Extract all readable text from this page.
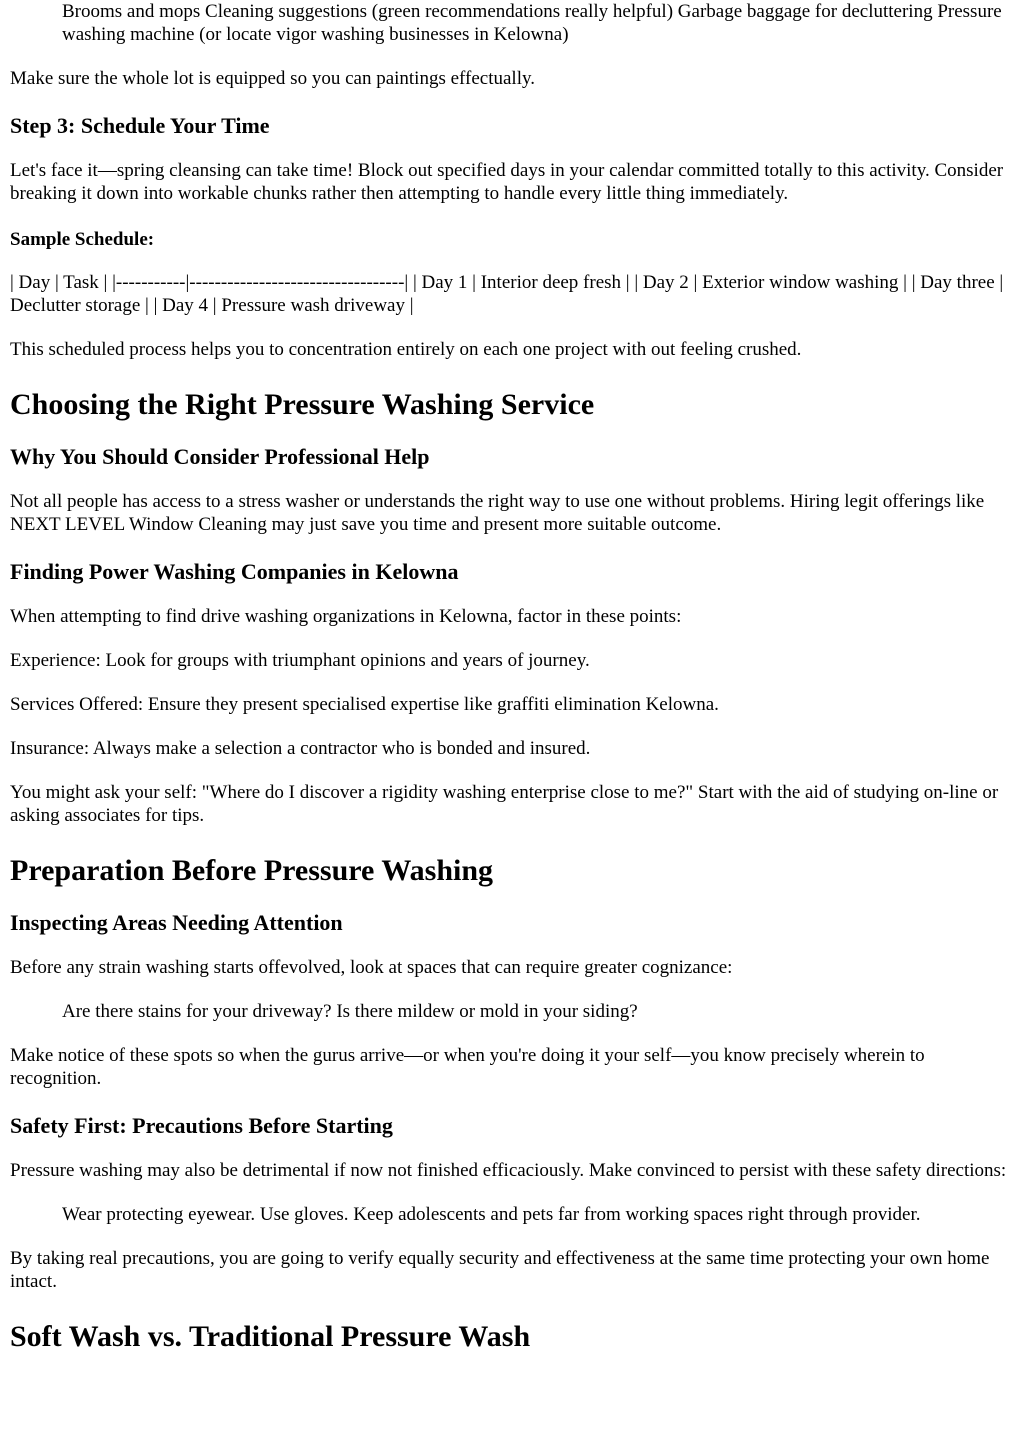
Brooms and mops Cleaning suggestions (green recommendations really helpful) Garbage baggage for decluttering Pressure washing machine (or locate vigor washing businesses in Kelowna)

Make sure the whole lot is equipped so you can paintings effectually.

Step 3: Schedule Your Time

Let's face it—spring cleansing can take time! Block out specified days in your calendar committed totally to this activity. Consider breaking it down into workable chunks rather then attempting to handle every little thing immediately.

Sample Schedule:

| Day | Task | |-----------|----------------------------------| | Day 1 | Interior deep fresh | | Day 2 | Exterior window washing | | Day three | Declutter storage | | Day 4 | Pressure wash driveway |

This scheduled process helps you to concentration entirely on each one project with out feeling crushed.

Choosing the Right Pressure Washing Service
Why You Should Consider Professional Help

Not all people has access to a stress washer or understands the right way to use one without problems. Hiring legit offerings like NEXT LEVEL Window Cleaning may just save you time and present more suitable outcome.

Finding Power Washing Companies in Kelowna

When attempting to find drive washing organizations in Kelowna, factor in these points:

Experience: Look for groups with triumphant opinions and years of journey.

Services Offered: Ensure they present specialised expertise like graffiti elimination Kelowna.

Insurance: Always make a selection a contractor who is bonded and insured.

You might ask your self: "Where do I discover a rigidity washing enterprise close to me?" Start with the aid of studying on-line or asking associates for tips.

Preparation Before Pressure Washing
Inspecting Areas Needing Attention

Before any strain washing starts offevolved, look at spaces that can require greater cognizance:

Are there stains for your driveway? Is there mildew or mold in your siding?

Make notice of these spots so when the gurus arrive—or when you're doing it your self—you know precisely wherein to recognition.

Safety First: Precautions Before Starting

Pressure washing may also be detrimental if now not finished efficaciously. Make convinced to persist with these safety directions:

Wear protecting eyewear. Use gloves. Keep adolescents and pets far from working spaces right through provider.

By taking real precautions, you are going to verify equally security and effectiveness at the same time protecting your own home intact.

Soft Wash vs. Traditional Pressure Wash
